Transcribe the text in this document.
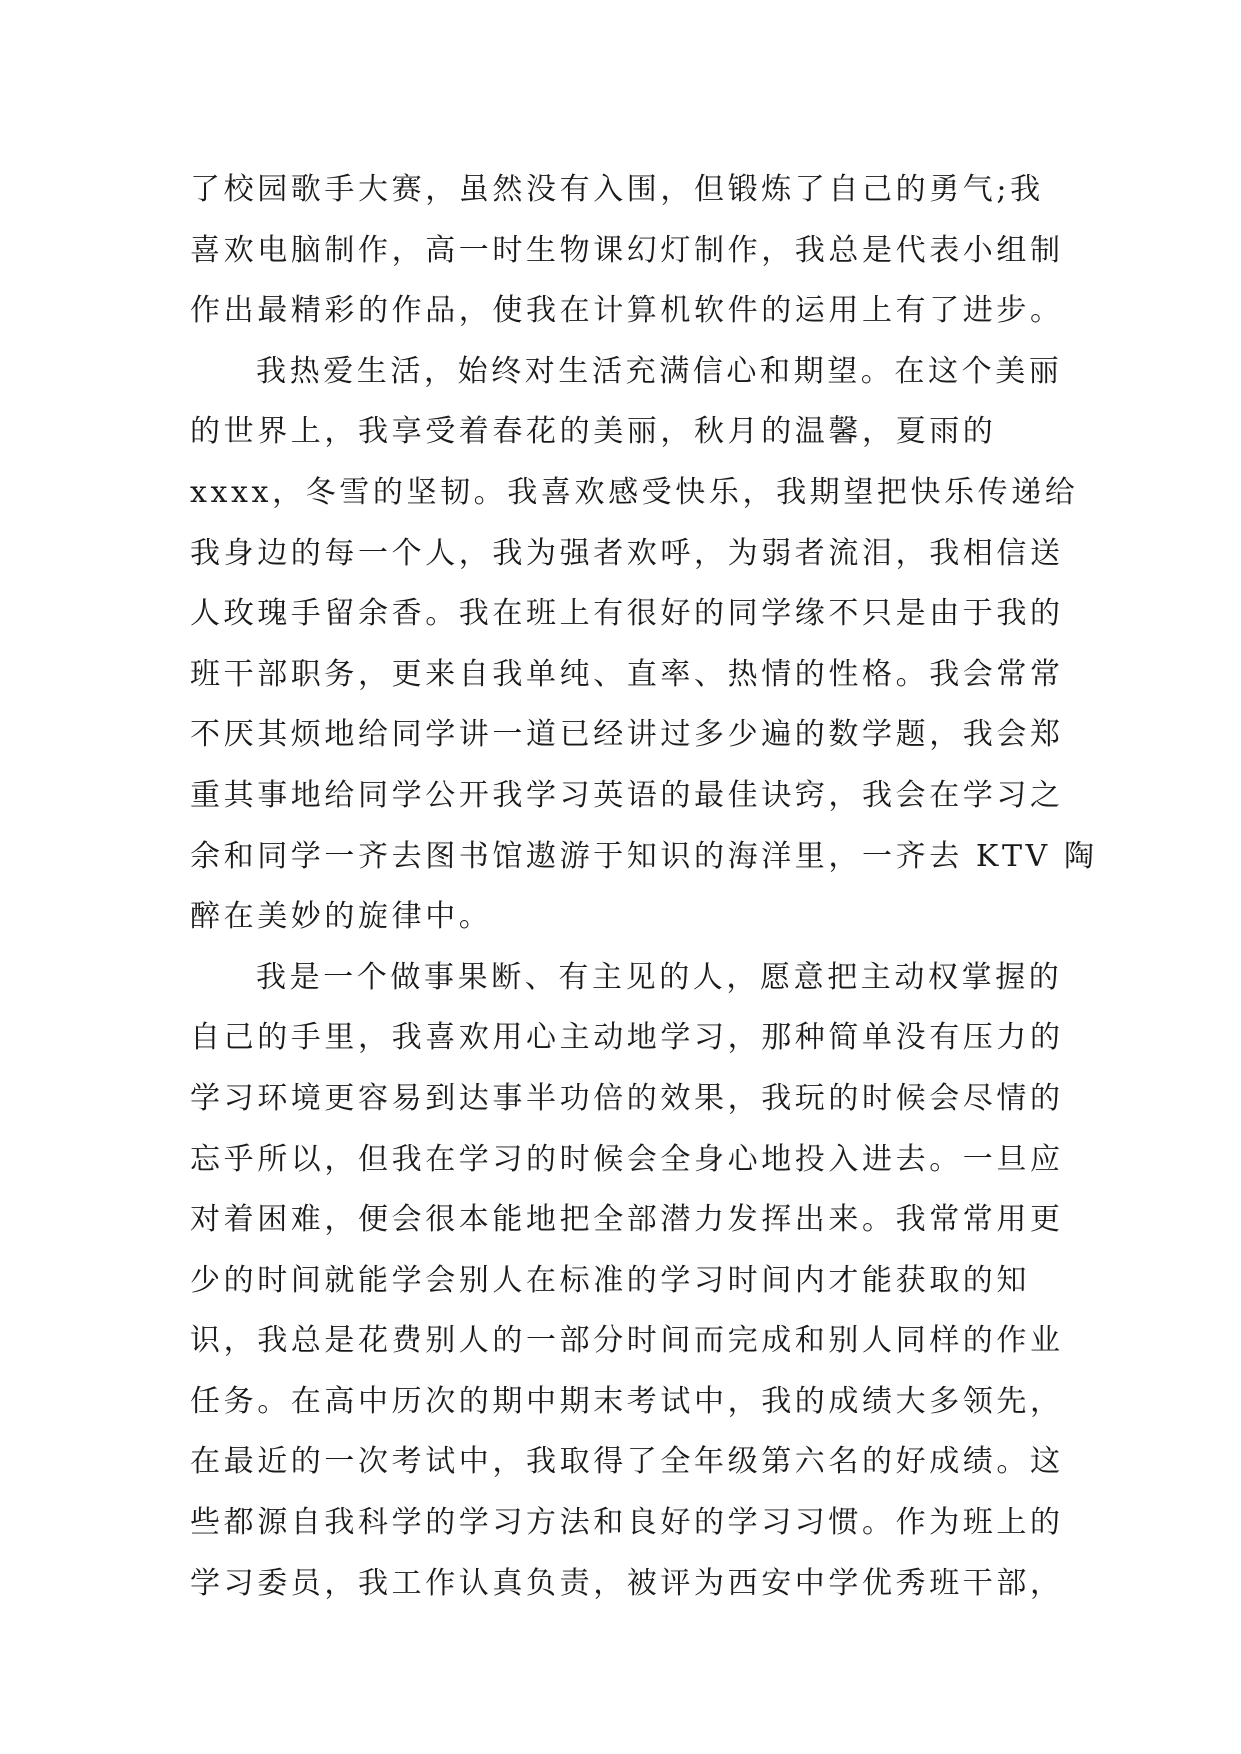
了校园歌手大赛，虽然没有入围，但锻炼了自己的勇气;我
喜欢电脑制作，高一时生物课幻灯制作，我总是代表小组制
作出最精彩的作品，使我在计算机软件的运用上有了进步。
我热爱生活，始终对生活充满信心和期望。在这个美丽
的世界上，我享受着春花的美丽，秋月的温馨，夏雨的
xxxx，冬雪的坚韧。我喜欢感受快乐，我期望把快乐传递给
我身边的每一个人，我为强者欢呼，为弱者流泪，我相信送
人玫瑰手留余香。我在班上有很好的同学缘不只是由于我的
班干部职务，更来自我单纯、直率、热情的性格。我会常常
不厌其烦地给同学讲一道已经讲过多少遍的数学题，我会郑
重其事地给同学公开我学习英语的最佳诀窍，我会在学习之
余和同学一齐去图书馆遨游于知识的海洋里，一齐去 KTV 陶
醉在美妙的旋律中。
我是一个做事果断、有主见的人，愿意把主动权掌握的
自己的手里，我喜欢用心主动地学习，那种简单没有压力的
学习环境更容易到达事半功倍的效果，我玩的时候会尽情的
忘乎所以，但我在学习的时候会全身心地投入进去。一旦应
对着困难，便会很本能地把全部潜力发挥出来。我常常用更
少的时间就能学会别人在标准的学习时间内才能获取的知
识，我总是花费别人的一部分时间而完成和别人同样的作业
任务。在高中历次的期中期末考试中，我的成绩大多领先，
在最近的一次考试中，我取得了全年级第六名的好成绩。这
些都源自我科学的学习方法和良好的学习习惯。作为班上的
学习委员，我工作认真负责，被评为西安中学优秀班干部，
